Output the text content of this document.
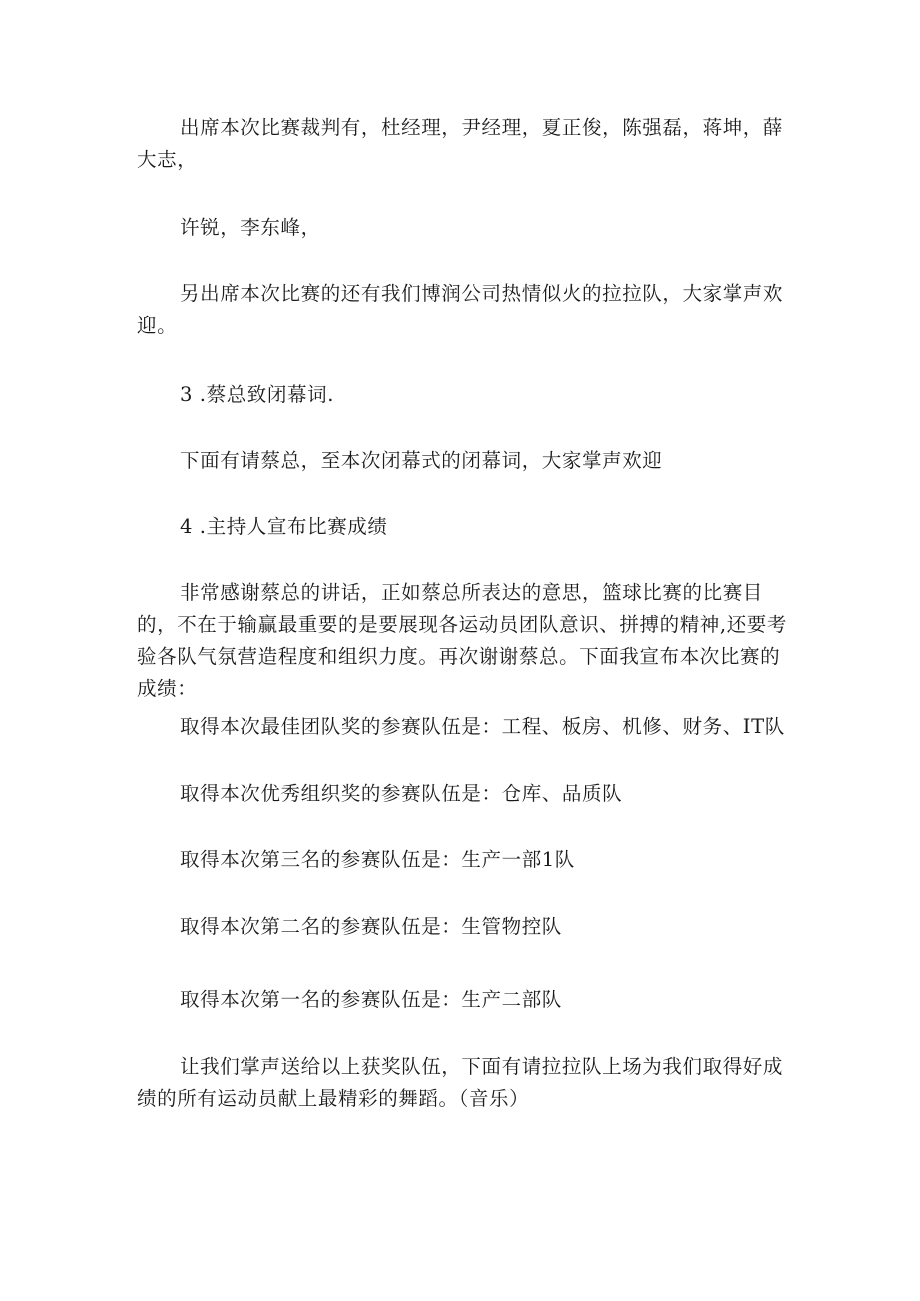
出席本次比赛裁判有，杜经理，尹经理，夏正俊，陈强磊，蒋坤，薛大志，

许锐，李东峰，

另出席本次比赛的还有我们博润公司热情似火的拉拉队，大家掌声欢迎。

3 .蔡总致闭幕词.

下面有请蔡总，至本次闭幕式的闭幕词，大家掌声欢迎

4 .主持人宣布比赛成绩

非常感谢蔡总的讲话，正如蔡总所表达的意思，篮球比赛的比赛目的，不在于输赢最重要的是要展现各运动员团队意识、拼搏的精神,还要考验各队气氛营造程度和组织力度。再次谢谢蔡总。下面我宣布本次比赛的成绩：

取得本次最佳团队奖的参赛队伍是：工程、板房、机修、财务、IT队

取得本次优秀组织奖的参赛队伍是：仓库、品质队

取得本次第三名的参赛队伍是：生产一部1队

取得本次第二名的参赛队伍是：生管物控队

取得本次第一名的参赛队伍是：生产二部队

让我们掌声送给以上获奖队伍，下面有请拉拉队上场为我们取得好成绩的所有运动员献上最精彩的舞蹈。（音乐）
